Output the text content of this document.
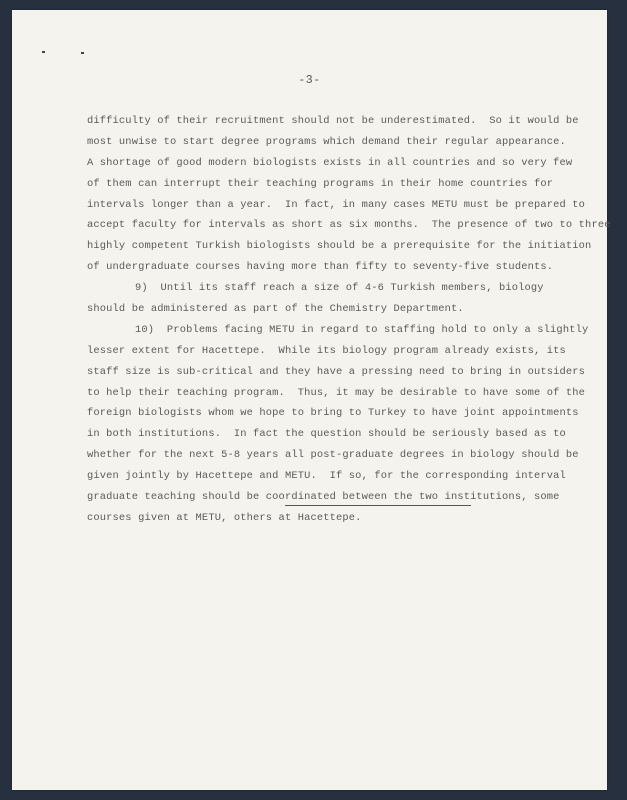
-3-
difficulty of their recruitment should not be underestimated.  So it would be
most unwise to start degree programs which demand their regular appearance.
A shortage of good modern biologists exists in all countries and so very few
of them can interrupt their teaching programs in their home countries for
intervals longer than a year.  In fact, in many cases METU must be prepared to
accept faculty for intervals as short as six months.  The presence of two to three
highly competent Turkish biologists should be a prerequisite for the initiation
of undergraduate courses having more than fifty to seventy-five students.
9)  Until its staff reach a size of 4-6 Turkish members, biology
should be administered as part of the Chemistry Department.
10)  Problems facing METU in regard to staffing hold to only a slightly
lesser extent for Hacettepe.  While its biology program already exists, its
staff size is sub-critical and they have a pressing need to bring in outsiders
to help their teaching program.  Thus, it may be desirable to have some of the
foreign biologists whom we hope to bring to Turkey to have joint appointments
in both institutions.  In fact the question should be seriously based as to
whether for the next 5-8 years all post-graduate degrees in biology should be
given jointly by Hacettepe and METU.  If so, for the corresponding interval
graduate teaching should be coordinated between the two institutions, some
courses given at METU, others at Hacettepe.
